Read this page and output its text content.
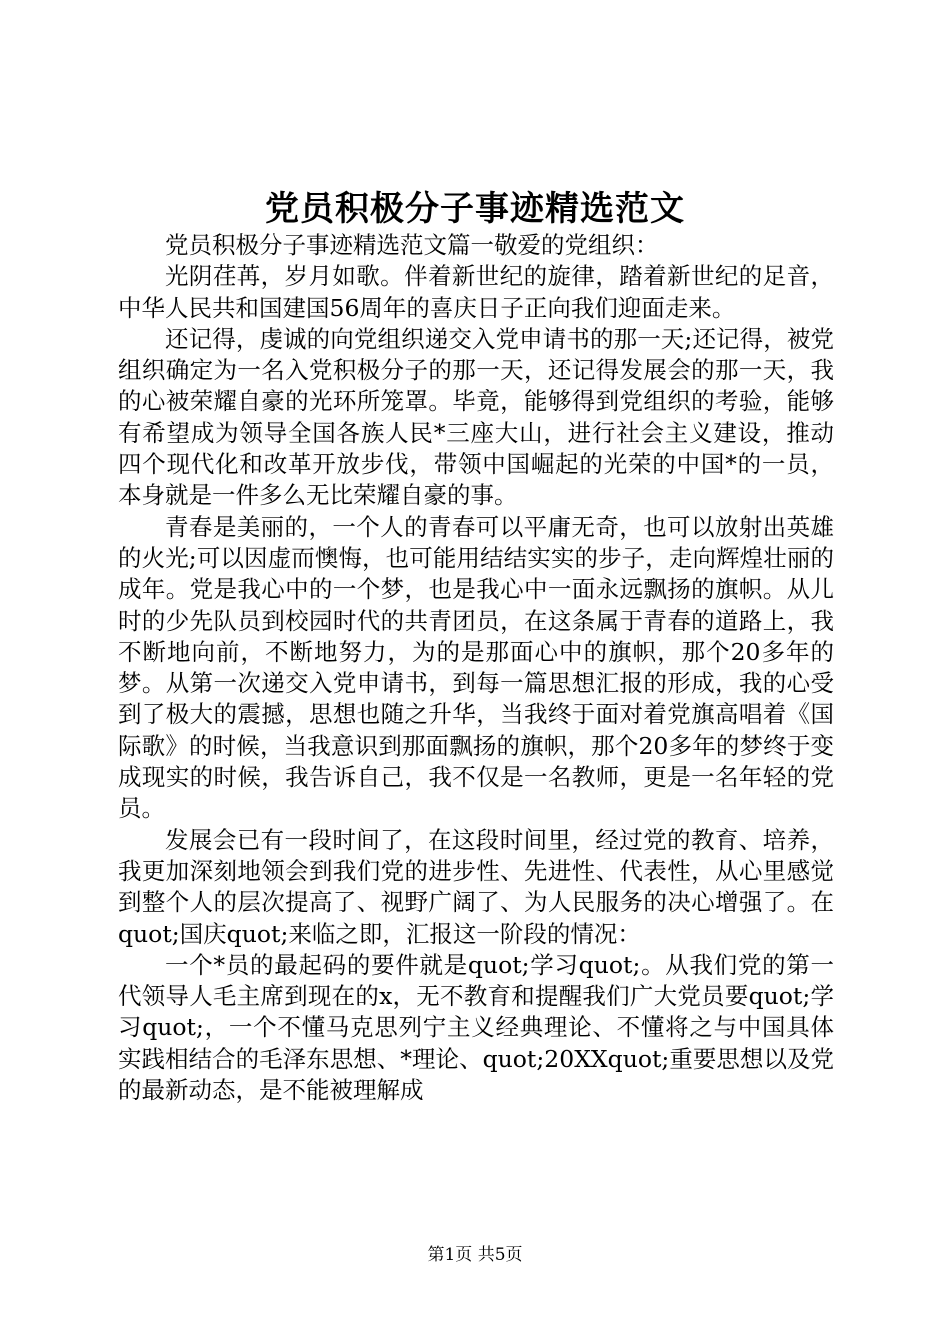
党员积极分子事迹精选范文

党员积极分子事迹精选范文篇一敬爱的党组织：

光阴荏苒，岁月如歌。伴着新世纪的旋律，踏着新世纪的足音，中华人民共和国建国56周年的喜庆日子正向我们迎面走来。

还记得，虔诚的向党组织递交入党申请书的那一天;还记得，被党组织确定为一名入党积极分子的那一天，还记得发展会的那一天，我的心被荣耀自豪的光环所笼罩。毕竟，能够得到党组织的考验，能够有希望成为领导全国各族人民*三座大山，进行社会主义建设，推动四个现代化和改革开放步伐，带领中国崛起的光荣的中国*的一员，本身就是一件多么无比荣耀自豪的事。

青春是美丽的，一个人的青春可以平庸无奇，也可以放射出英雄的火光;可以因虚而懊悔，也可能用结结实实的步子，走向辉煌壮丽的成年。党是我心中的一个梦，也是我心中一面永远飘扬的旗帜。从儿时的少先队员到校园时代的共青团员，在这条属于青春的道路上，我不断地向前，不断地努力，为的是那面心中的旗帜，那个20多年的梦。从第一次递交入党申请书，到每一篇思想汇报的形成，我的心受到了极大的震撼，思想也随之升华，当我终于面对着党旗高唱着《国际歌》的时候，当我意识到那面飘扬的旗帜，那个20多年的梦终于变成现实的时候，我告诉自己，我不仅是一名教师，更是一名年轻的党员。

发展会已有一段时间了，在这段时间里，经过党的教育、培养，我更加深刻地领会到我们党的进步性、先进性、代表性，从心里感觉到整个人的层次提高了、视野广阔了、为人民服务的决心增强了。在quot;国庆quot;来临之即，汇报这一阶段的情况：

一个*员的最起码的要件就是quot;学习quot;。从我们党的第一代领导人毛主席到现在的x，无不教育和提醒我们广大党员要quot;学习quot;，一个不懂马克思列宁主义经典理论、不懂将之与中国具体实践相结合的毛泽东思想、*理论、quot;20XXquot;重要思想以及党的最新动态，是不能被理解成

第1页 共5页
